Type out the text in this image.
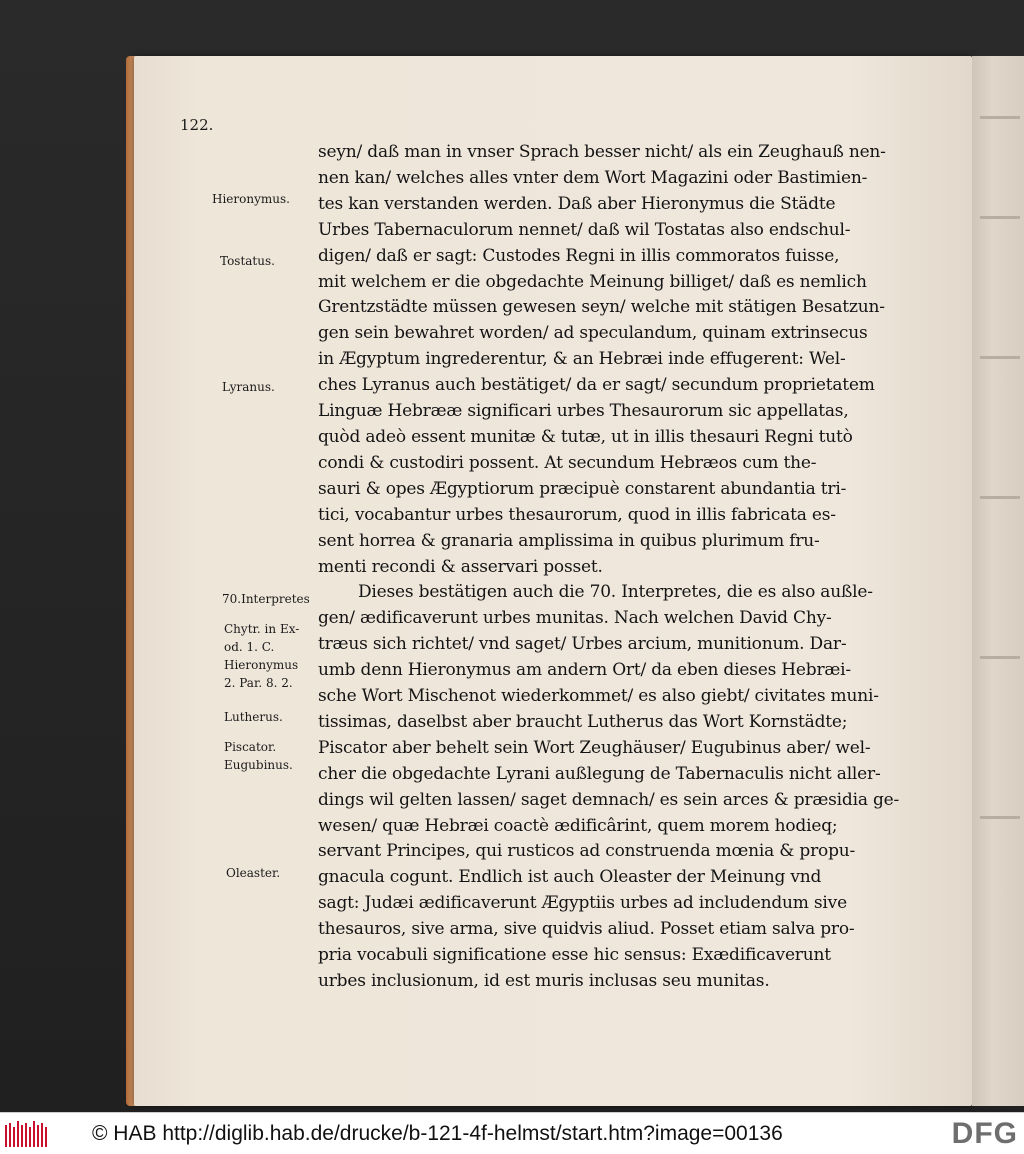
122.
seyn/ daß man in vnser Sprach besser nicht/ als ein Zeughauß nen-
nen kan/ welches alles vnter dem Wort Magazini oder Bastimien-
tes kan verstanden werden. Daß aber Hieronymus die Städte
Urbes Tabernaculorum nennet/ daß wil Tostatas also endschul-
digen/ daß er sagt: Custodes Regni in illis commoratos fuisse,
mit welchem er die obgedachte Meinung billiget/ daß es nemlich
Grentzstädte müssen gewesen seyn/ welche mit stätigen Besatzun-
gen sein bewahret worden/ ad speculandum, quinam extrinsecus
in Ægyptum ingrederentur, & an Hebræi inde effugerent: Wel-
ches Lyranus auch bestätiget/ da er sagt/ secundum proprietatem
Linguæ Hebrææ significari urbes Thesaurorum sic appellatas,
quòd adeò essent munitæ & tutæ, ut in illis thesauri Regni tutò
condi & custodiri possent. At secundum Hebræos cum the-
sauri & opes Ægyptiorum præcipuè constarent abundantia tri-
tici, vocabantur urbes thesaurorum, quod in illis fabricata es-
sent horrea & granaria amplissima in quibus plurimum fru-
menti recondi & asservari posset.
Dieses bestätigen auch die 70. Interpretes, die es also außle-
gen/ ædificaverunt urbes munitas. Nach welchen David Chy-
træus sich richtet/ vnd saget/ Urbes arcium, munitionum. Dar-
umb denn Hieronymus am andern Ort/ da eben dieses Hebræi-
sche Wort Mischenot wiederkommet/ es also giebt/ civitates muni-
tissimas, daselbst aber braucht Lutherus das Wort Kornstädte;
Piscator aber behelt sein Wort Zeughäuser/ Eugubinus aber/ wel-
cher die obgedachte Lyrani außlegung de Tabernaculis nicht aller-
dings wil gelten lassen/ saget demnach/ es sein arces & præsidia ge-
wesen/ quæ Hebræi coactè ædificârint, quem morem hodieq;
servant Principes, qui rusticos ad construenda mœnia & propu-
gnacula cogunt. Endlich ist auch Oleaster der Meinung vnd
sagt: Judæi ædificaverunt Ægyptiis urbes ad includendum sive
thesauros, sive arma, sive quidvis aliud. Posset etiam salva pro-
pria vocabuli significatione esse hic sensus: Exædificaverunt
urbes inclusionum, id est muris inclusas seu munitas.
Hieronymus.
Tostatus.
Lyranus.
70.Interpretes
Chytr. in Ex-
od. 1. C.
Hieronymus
2. Par. 8. 2.
Lutherus.
Piscator.
Eugubinus.
Oleaster.
© HAB http://diglib.hab.de/drucke/b-121-4f-helmst/start.htm?image=00136	DFG
